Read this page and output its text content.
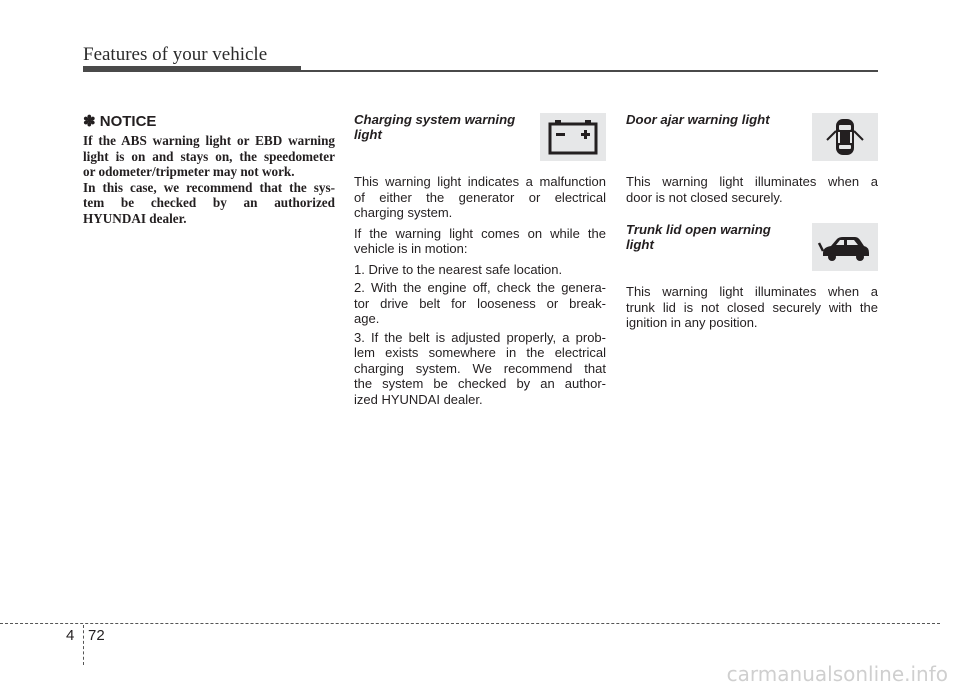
Features of your vehicle
✽ NOTICE
If the ABS warning light or EBD warning
light is on and stays on, the speedometer
or odometer/tripmeter may not work.
In this case, we recommend that the sys-
tem be checked by an authorized
HYUNDAI dealer.

Charging system warning light

This warning light indicates a malfunction
of either the generator or electrical
charging system.

If the warning light comes on while the
vehicle is in motion:

1. Drive to the nearest safe location.
2. With the engine off, check the genera-
tor drive belt for looseness or break-
age.
3. If the belt is adjusted properly, a prob-
lem exists somewhere in the electrical
charging system. We recommend that
the system be checked by an author-
ized HYUNDAI dealer.

Door ajar warning light

This warning light illuminates when a
door is not closed securely.

Trunk lid open warning light

This warning light illuminates when a
trunk lid is not closed securely with the
ignition in any position.

4 72
carmanualsonline.info
